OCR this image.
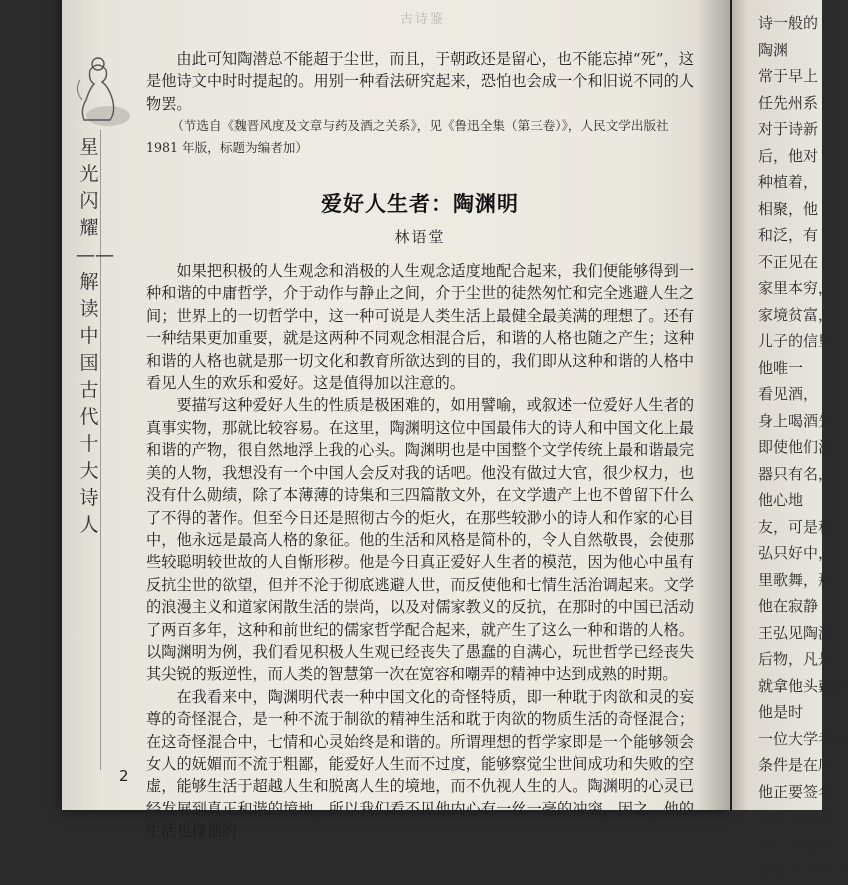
诗一般的
陶渊
常于早上
任先州系
对于诗新
后，他对
种植着，
相聚，他
和泛，有
不正见在
家里本穷，
家境贫富，
儿子的信里
他唯一
看见酒，
身上喝酒先
即使他们没
器只有名，
他心地
友，可是和
弘只好中，
里歌舞，那
他在寂静
王弘见陶渊
后物，凡是主
就拿他头戴的
他是时
一位大学者所
条件是在席上
他正要签名
可是不再其门
他一起喝酒，
那位方大曾立
古诗鉴
星光闪耀——解读中国古代十大诗人

由此可知陶潜总不能超于尘世，而且，于朝政还是留心，也不能忘掉“死”，这是他诗文中时时提起的。用别一种看法研究起来，恐怕也会成一个和旧说不同的人物罢。

（节选自《魏晋风度及文章与药及酒之关系》，见《鲁迅全集（第三卷）》，人民文学出版社 1981 年版，标题为编者加）

爱好人生者：陶渊明
林语堂

如果把积极的人生观念和消极的人生观念适度地配合起来，我们便能够得到一种和谐的中庸哲学，介于动作与静止之间，介于尘世的徒然匆忙和完全逃避人生之间；世界上的一切哲学中，这一种可说是人类生活上最健全最美满的理想了。还有一种结果更加重要，就是这两种不同观念相混合后，和谐的人格也随之产生；这种和谐的人格也就是那一切文化和教育所欲达到的目的，我们即从这种和谐的人格中看见人生的欢乐和爱好。这是值得加以注意的。

要描写这种爱好人生的性质是极困难的，如用譬喻，或叙述一位爱好人生者的真事实物，那就比较容易。在这里，陶渊明这位中国最伟大的诗人和中国文化上最和谐的产物，很自然地浮上我的心头。陶渊明也是中国整个文学传统上最和谐最完美的人物，我想没有一个中国人会反对我的话吧。他没有做过大官，很少权力，也没有什么勋绩，除了本薄薄的诗集和三四篇散文外，在文学遗产上也不曾留下什么了不得的著作。但至今日还是照彻古今的炬火，在那些较渺小的诗人和作家的心目中，他永远是最高人格的象征。他的生活和风格是简朴的，令人自然敬畏，会使那些较聪明较世故的人自惭形秽。他是今日真正爱好人生者的模范，因为他心中虽有反抗尘世的欲望，但并不沦于彻底逃避人世，而反使他和七情生活治调起来。文学的浪漫主义和道家闲散生活的崇尚，以及对儒家教义的反抗，在那时的中国已活动了两百多年，这种和前世纪的儒家哲学配合起来，就产生了这么一种和谐的人格。以陶渊明为例，我们看见积极人生观已经丧失了愚蠢的自满心，玩世哲学已经丧失其尖锐的叛逆性，而人类的智慧第一次在宽容和嘲弄的精神中达到成熟的时期。

在我看来中，陶渊明代表一种中国文化的奇怪特质，即一种耽于肉欲和灵的妄尊的奇怪混合，是一种不流于制欲的精神生活和耽于肉欲的物质生活的奇怪混合；在这奇怪混合中，七情和心灵始终是和谐的。所谓理想的哲学家即是一个能够领会女人的妩媚而不流于粗鄙，能爱好人生而不过度，能够察觉尘世间成功和失败的空虚，能够生活于超越人生和脱离人生的境地，而不仇视人生的人。陶渊明的心灵已经发展到真正和谐的境地，所以我们看不见他内心有一丝一毫的冲突，因之，他的生活也像他的

2
